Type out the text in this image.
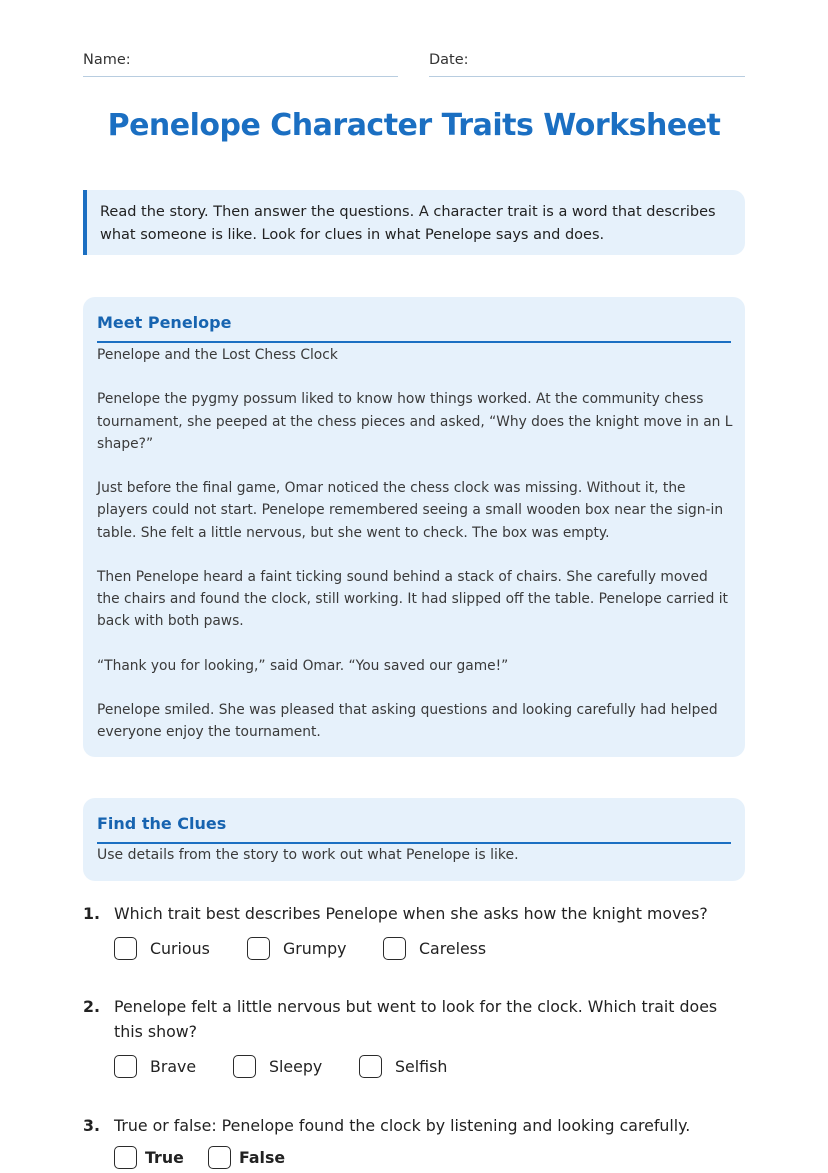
Name:	Date:
Penelope Character Traits Worksheet
Read the story. Then answer the questions. A character trait is a word that describes what someone is like. Look for clues in what Penelope says and does.
Meet Penelope

Penelope and the Lost Chess Clock

Penelope the pygmy possum liked to know how things worked. At the community chess tournament, she peeped at the chess pieces and asked, “Why does the knight move in an L shape?”

Just before the final game, Omar noticed the chess clock was missing. Without it, the players could not start. Penelope remembered seeing a small wooden box near the sign-in table. She felt a little nervous, but she went to check. The box was empty.

Then Penelope heard a faint ticking sound behind a stack of chairs. She carefully moved the chairs and found the clock, still working. It had slipped off the table. Penelope carried it back with both paws.

“Thank you for looking,” said Omar. “You saved our game!”

Penelope smiled. She was pleased that asking questions and looking carefully had helped everyone enjoy the tournament.

Find the Clues
Use details from the story to work out what Penelope is like.
1. Which trait best describes Penelope when she asks how the knight moves?
Curious	Grumpy	Careless
2. Penelope felt a little nervous but went to look for the clock. Which trait does this show?
Brave	Sleepy	Selfish
3. True or false: Penelope found the clock by listening and looking carefully.
True	False
